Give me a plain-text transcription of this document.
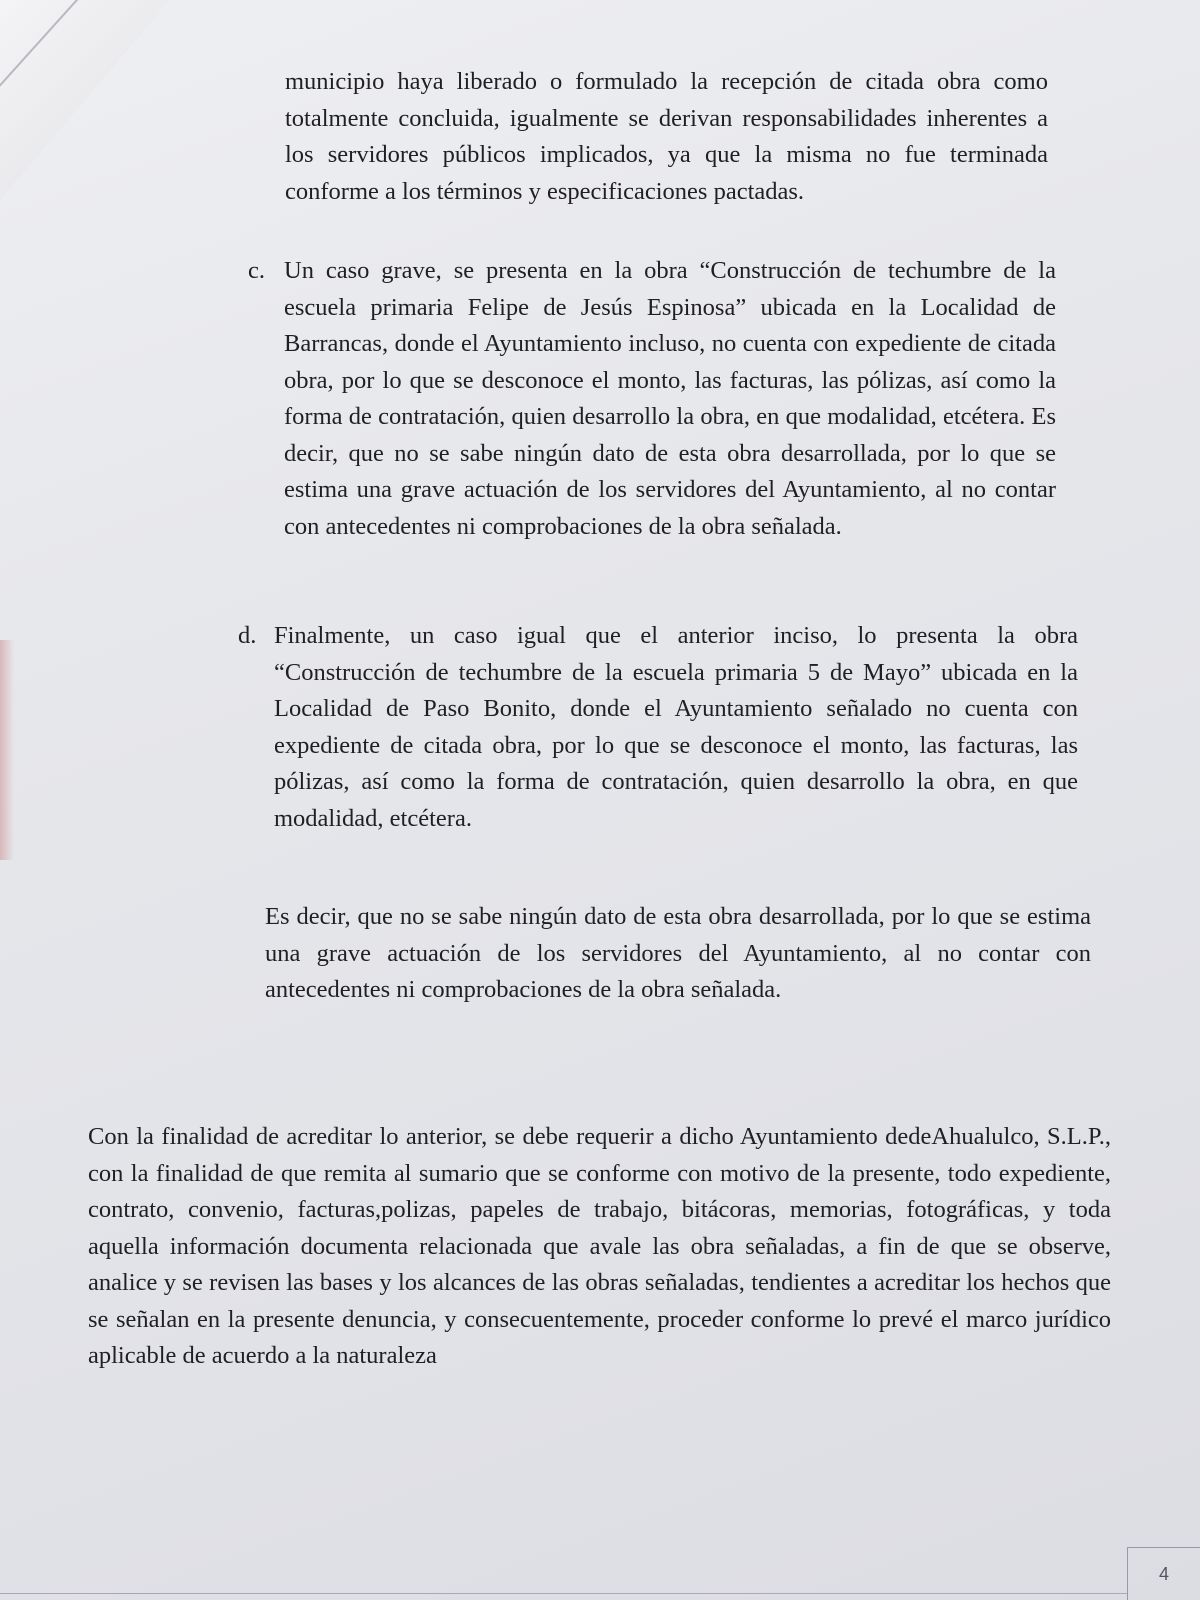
municipio haya liberado o formulado la recepción de citada obra como totalmente concluida, igualmente se derivan responsabilidades inherentes a los servidores públicos implicados, ya que la misma no fue terminada conforme a los términos y especificaciones pactadas.

c. Un caso grave, se presenta en la obra “Construcción de techumbre de la escuela primaria Felipe de Jesús Espinosa” ubicada en la Localidad de Barrancas, donde el Ayuntamiento incluso, no cuenta con expediente de citada obra, por lo que se desconoce el monto, las facturas, las pólizas, así como la forma de contratación, quien desarrollo la obra, en que modalidad, etcétera. Es decir, que no se sabe ningún dato de esta obra desarrollada, por lo que se estima una grave actuación de los servidores del Ayuntamiento, al no contar con antecedentes ni comprobaciones de la obra señalada.

d. Finalmente, un caso igual que el anterior inciso, lo presenta la obra “Construcción de techumbre de la escuela primaria 5 de Mayo” ubicada en la Localidad de Paso Bonito, donde el Ayuntamiento señalado no cuenta con expediente de citada obra, por lo que se desconoce el monto, las facturas, las pólizas, así como la forma de contratación, quien desarrollo la obra, en que modalidad, etcétera.

Es decir, que no se sabe ningún dato de esta obra desarrollada, por lo que se estima una grave actuación de los servidores del Ayuntamiento, al no contar con antecedentes ni comprobaciones de la obra señalada.

Con la finalidad de acreditar lo anterior, se debe requerir a dicho Ayuntamiento dedeAhualulco, S.L.P., con la finalidad de que remita al sumario que se conforme con motivo de la presente, todo expediente, contrato, convenio, facturas,polizas, papeles de trabajo, bitácoras, memorias, fotográficas, y toda aquella información documenta relacionada que avale las obra señaladas, a fin de que se observe, analice y se revisen las bases y los alcances de las obras señaladas, tendientes a acreditar los hechos que se señalan en la presente denuncia, y consecuentemente, proceder conforme lo prevé el marco jurídico aplicable de acuerdo a la naturaleza

4
